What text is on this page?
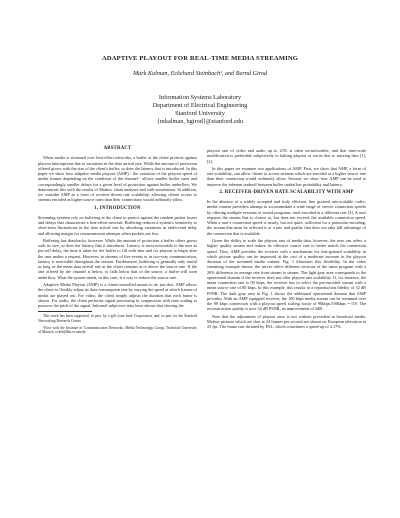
ADAPTIVE PLAYOUT FOR REAL-TIME MEDIA STREAMING
Mark Kalman, Eckehard Steinbach¹, and Bernd Girod
Information Systems Laboratory
Department of Electrical Engineering
Stanford University
{mkalman, bgirod}@stanford.edu
ABSTRACT

When media is streamed over best-effort networks, a buffer at the client protects against playout interruptions due to variations in the data arrival rate. While the amount of protection offered grows with the size of the client's buffer, so does the latency that is introduced. In this paper we show how adaptive media playout (AMP) - the variation of the playout speed of media frames depending on the condition of the channel - allows smaller buffer sizes and correspondingly smaller delays for a given level of protection against buffer underflow. We demonstrate this with the results of Markov chain analyses and with simulations. In addition, we consider AMP as a form of receiver-driven rate scalability, allowing clients access to streams encoded at higher source rates than their connections would ordinarily allow.

1. INTRODUCTION

Streaming systems rely on buffering at the client to protect against the random packet losses and delays that characterize a best-effort network. Buffering reduces a system's sensitivity to short-term fluctuations in the data arrival rate by absorbing variations in end-to-end delay and allowing margin for retransmission attempts when packets are lost.

Buffering has drawbacks, however. While the amount of protection a buffer offers grows with its size, so does the latency that it introduces. Latency is most noticeable to the user as pre-roll delay, the time it takes for the buffer to fill with data and for playout to begin after the user makes a request. However, in streams of live events or in two-way communication, latency is noticeable throughout the session. Furthermore, buffering is generally only useful as long as the mean data arrival rate at the client remains at or above the source rate. If the rate offered by the channel is below, or falls below that of the source, a buffer will soon underflow. What the system needs, in this case, is a way to reduce the source rate.

Adaptive Media Playout (AMP) is a client-controlled means to do just this. AMP allows the client to flexibly adjust its data consumption rate by varying the speed at which frames of media are played out. For video, the client simply adjusts the duration that each frame is shown. For audio, the client performs signal processing in conjunction with time scaling to preserve the pitch of the signal. Informal subjective tests have shown that slowing the

This work has been supported, in part, by a gift from Intel Corporation, and, in part, by the Stanford Networking Research Center.

¹Now with the Institute of Communication Networks, Media Technology Group, Technical University of Munich, eckel@lkn.ei.tum.de

playout rate of video and audio up to 25% is often un-noticeable, and that time-scale modification is preferable subjectively to halting playout or errors due to missing data [1],[2].

In this paper we examine two applications of AMP. First, we show that AMP, a form of rate scalability, can allow clients to access streams which are encoded at a higher source rate than their connection would ordinarily allow. Second, we show how AMP can be used to improve the inherent tradeoff between buffer underflow probability and latency.

2. RECEIVER-DRIVEN RATE SCALABILITY WITH AMP

In the absence of a widely accepted and truly efficient, fine grained rate-scalable codec, media content providers attempt to accommodate a wide range of viewer connection speeds by offering multiple versions of stored programs, each encoded at a different rate [3]. A user requests the stream that is closest to, but does not exceed, the available connection speed. When a user's connection speed is nearly, but not quite, sufficient for a particular encoding, the stream that must be selected is at a rate and quality that does not take full advantage of the connection that is available.

Given the ability to scale the playout rate of media data, however, the user can select a higher quality stream and reduce its effective source rate to better match the connection speed. Thus, AMP provides the receiver with a mechanism for fine-grained scalability in which picture quality can be improved at the cost of a moderate increase in the playout duration of the streamed media content. Fig. 1 illustrates this flexibility. In the video streaming example shown, the server offers different versions of the same program with a 20% difference in average rate from stream to stream. The light gray area corresponds to the operational domain if the receiver does not offer playout rate scalability. If, for instance, the mean connection rate is 90 kbps, the receiver has to select the pre-encoded stream with a mean source rate of 80 kbps. In this example, this results in a reproduction fidelity of 32 dB PSNR. The dark gray area in Fig. 1 shows the additional operational domain that AMP provides. With an AMP equipped receiver, the 100 kbps media stream can be streamed over the 90 kbps connection with a playout speed scaling factor of 90kbps/100kbps = 0.9. The reconstruction quality is now 34 dB PSNR, an improvement of 2dB.

Note that the adjustment of playout rates is not without precedent in broadcast media. Motion pictures which are shot at 24 frames per second are shown on European television at 25 fps. The frame rate dictated by PAL, which constitutes a speed-up of 4.17%.
